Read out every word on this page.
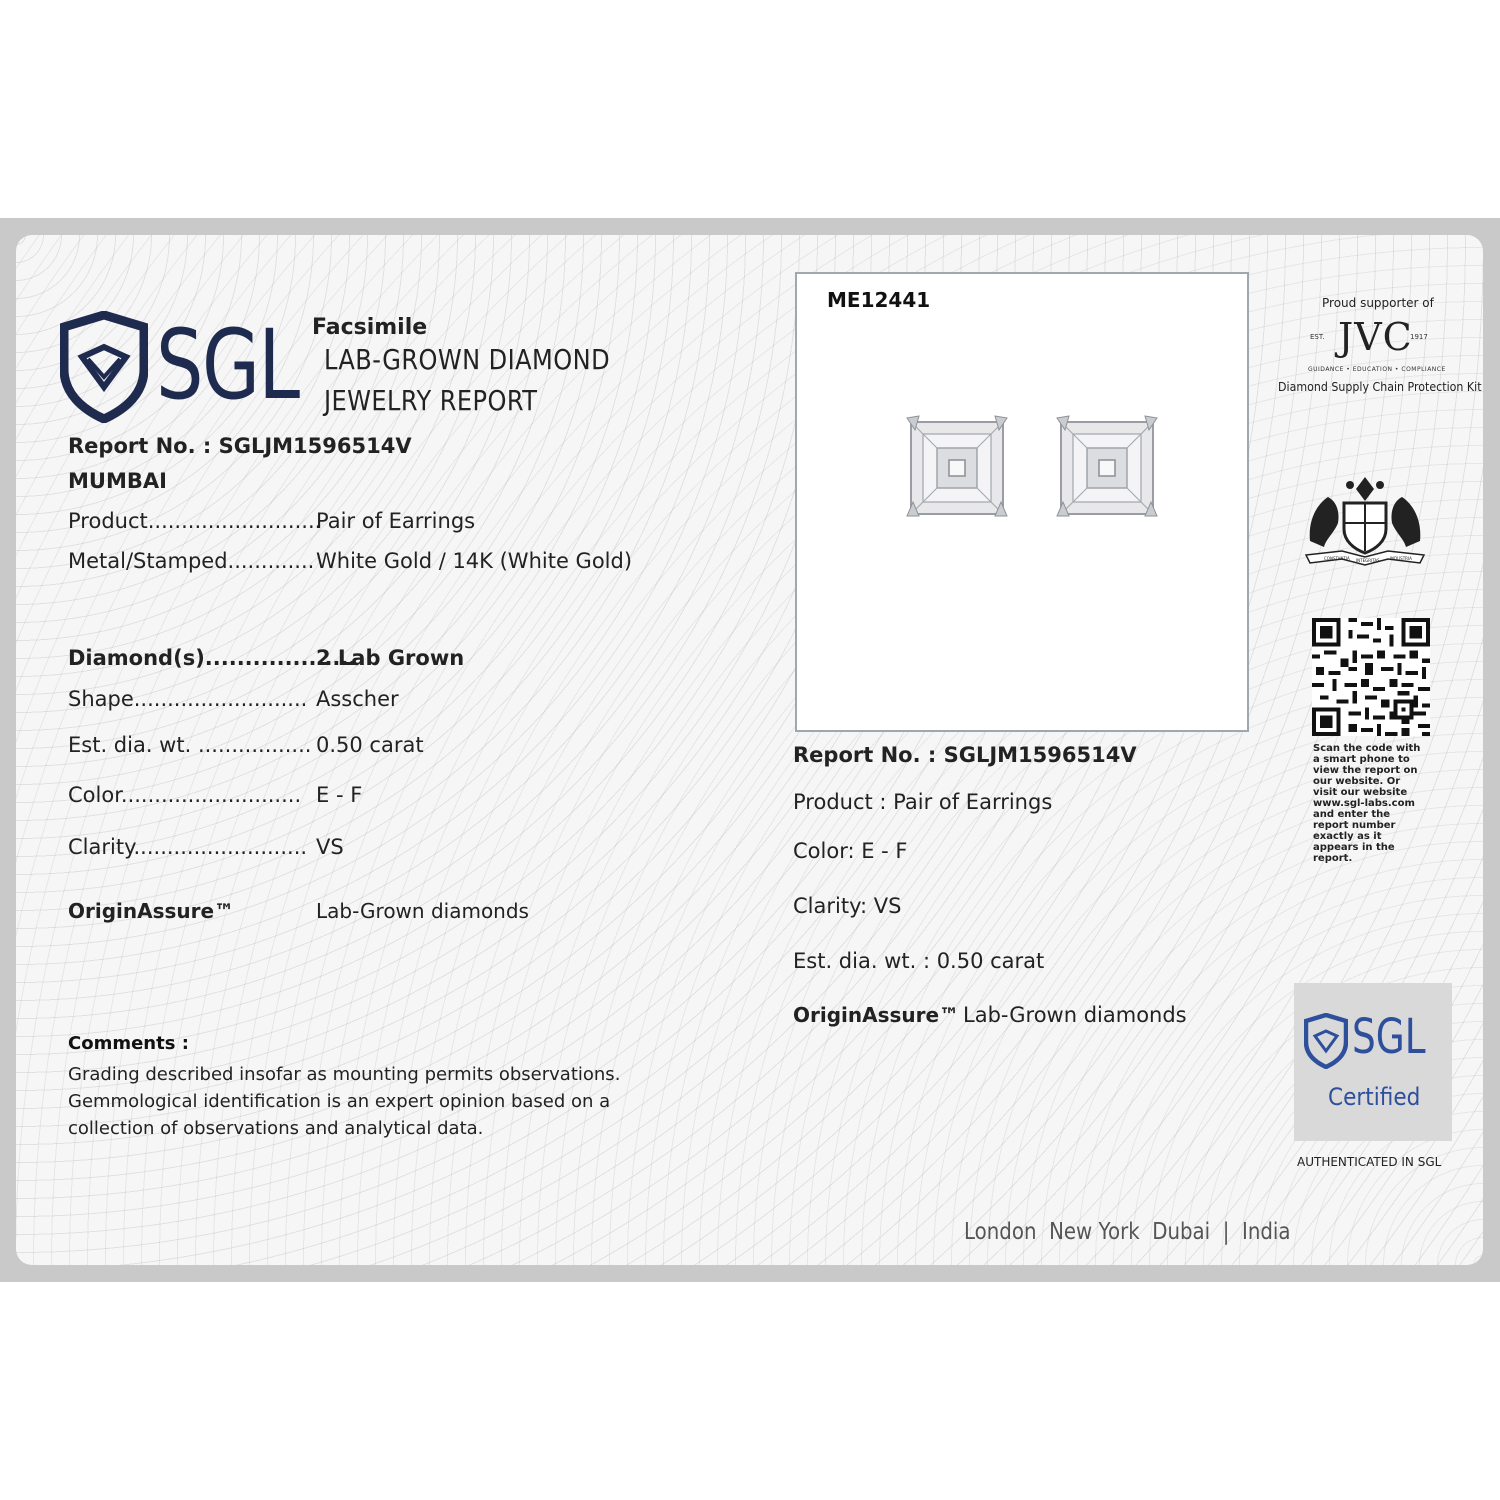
SGL Facsimile
LAB-GROWN DIAMOND
JEWELRY REPORT
Report No. : SGLJM1596514V
MUMBAI
Product..........................
Pair of Earrings
Metal/Stamped............. White Gold / 14K (White Gold)
Diamond(s)...................
2 Lab Grown
Shape.......................... Asscher
Est. dia. wt. ................. 0.50 carat
Color........................... E - F
Clarity.......................... VS
OriginAssure™	Lab-Grown diamonds
Comments :
Grading described insofar as mounting permits observations.
Gemmological identification is an expert opinion based on a
collection of observations and analytical data.
ME12441
Report No. : SGLJM1596514V
Product : Pair of Earrings
Color: E - F
Clarity: VS
Est. dia. wt. : 0.50 carat
OriginAssure™ Lab-Grown diamonds
Proud supporter of
EST. JVC
1917
GUIDANCE • EDUCATION • COMPLIANCE
Diamond Supply Chain Protection Kit
CONSTANTIA INTEGRITAS	INDUSTRIA
Scan the code with a smart phone to view the report on our website. Or visit our website www.sgl-labs.com and enter the report number exactly as it appears in the report.
SGL
Certified
AUTHENTICATED IN SGL
London  New York  Dubai  |  India
